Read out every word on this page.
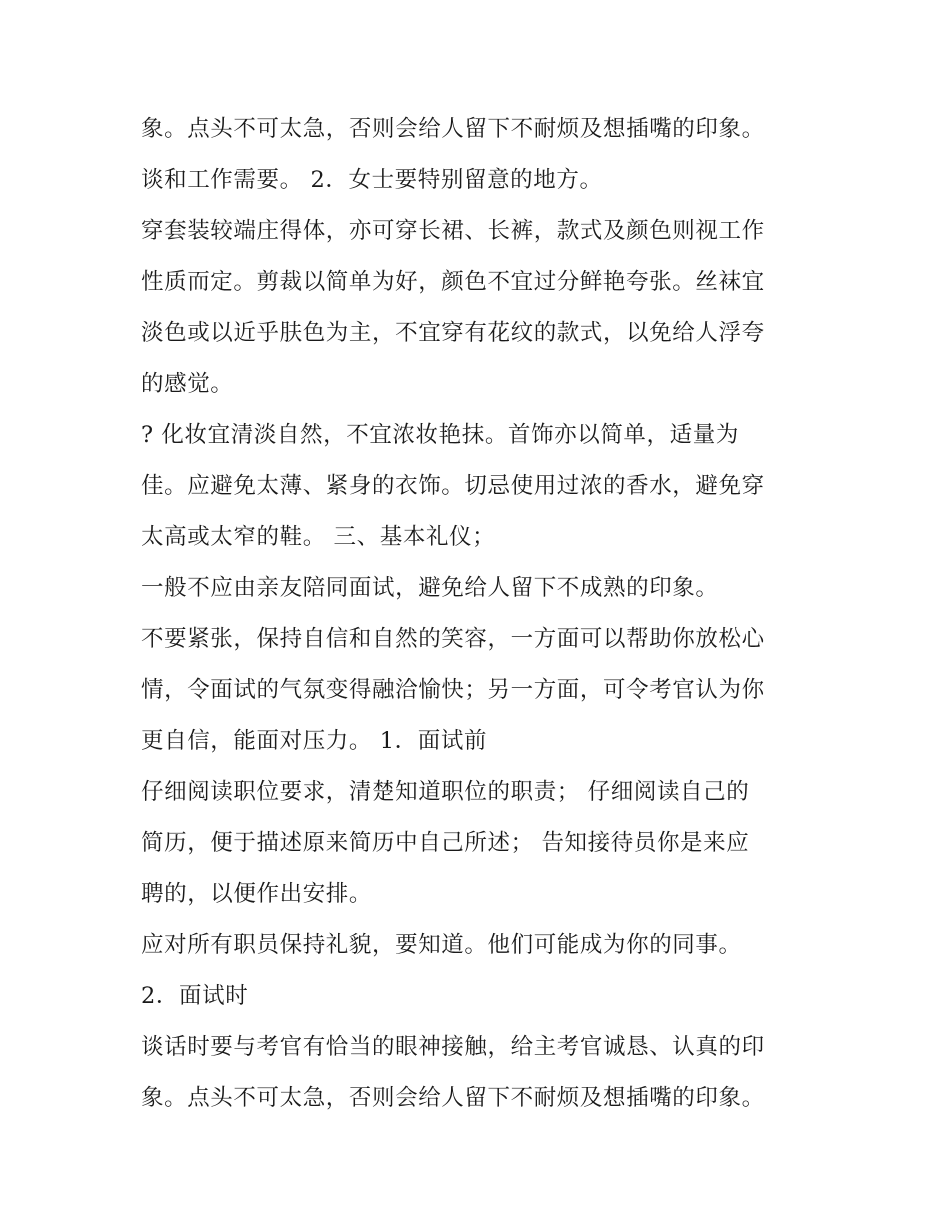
象。点头不可太急，否则会给人留下不耐烦及想插嘴的印象。
谈和工作需要。 2．女士要特别留意的地方。
穿套装较端庄得体，亦可穿长裙、长裤，款式及颜色则视工作
性质而定。剪裁以简单为好，颜色不宜过分鲜艳夸张。丝袜宜
淡色或以近乎肤色为主，不宜穿有花纹的款式，以免给人浮夸
的感觉。
? 化妆宜清淡自然，不宜浓妆艳抹。首饰亦以简单，适量为
佳。应避免太薄、紧身的衣饰。切忌使用过浓的香水，避免穿
太高或太窄的鞋。 三、基本礼仪；
一般不应由亲友陪同面试，避免给人留下不成熟的印象。
不要紧张，保持自信和自然的笑容，一方面可以帮助你放松心
情，令面试的气氛变得融洽愉快；另一方面，可令考官认为你
更自信，能面对压力。 1．面试前
仔细阅读职位要求，清楚知道职位的职责； 仔细阅读自己的
简历，便于描述原来简历中自己所述； 告知接待员你是来应
聘的，以便作出安排。
应对所有职员保持礼貌，要知道。他们可能成为你的同事。
2．面试时
谈话时要与考官有恰当的眼神接触，给主考官诚恳、认真的印
象。点头不可太急，否则会给人留下不耐烦及想插嘴的印象。
